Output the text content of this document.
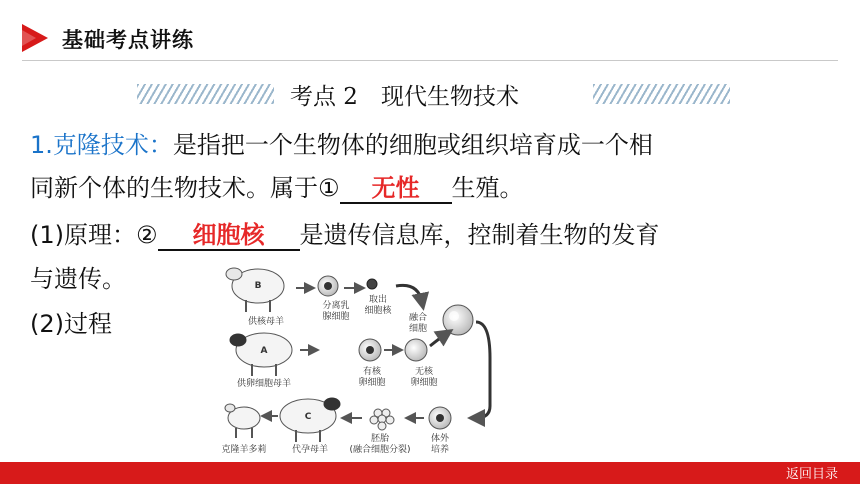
基础考点讲练
考点 2　现代生物技术
1.克隆技术：是指把一个生物体的细胞或组织培育成一个相
同新个体的生物技术。属于① 无性 生殖。
(1)原理：② 细胞核 是遗传信息库，控制着生物的发育
与遗传。
(2)过程
B
供核母羊
分离乳
腺细胞
取出
细胞核
融合
细胞
A
供卵细胞母羊
有核
卵细胞
无核
卵细胞
体外
培养
胚胎
(融合细胞分裂)
C
克隆羊多莉	代孕母羊
返回目录
